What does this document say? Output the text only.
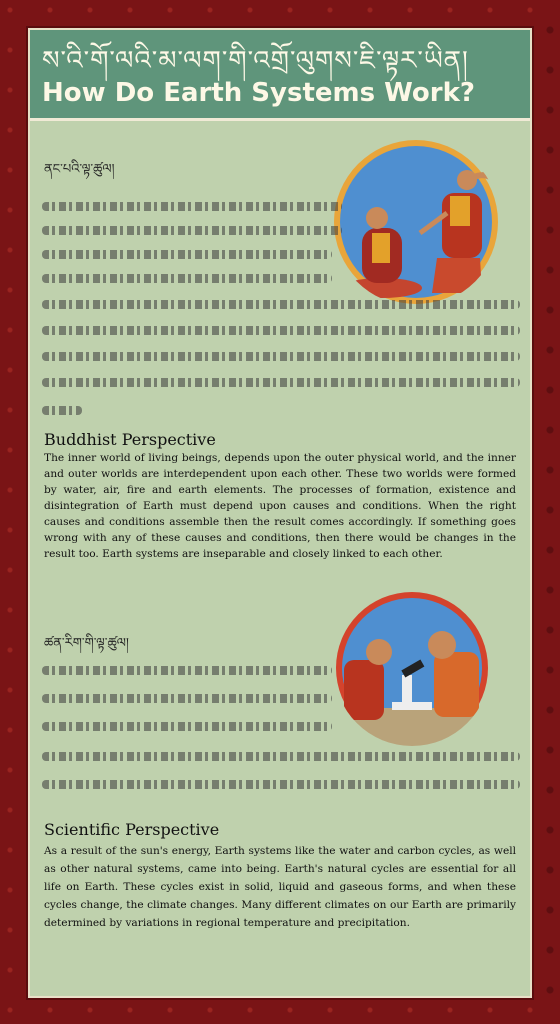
ས་འི་གོ་ལའི་མ་ལག་གི་འགྲོ་ལུགས་ཇི་ལྟར་ཡིན།
How Do Earth Systems Work?
ནང་པའི་ལྟ་ཚུལ།
Buddhist Perspective

The inner world of living beings, depends upon the outer physical world, and the inner and outer worlds are interdependent upon each other. These two worlds were formed by water, air, fire and earth elements. The processes of formation, existence and disintegration of Earth must depend upon causes and conditions. When the right causes and conditions assemble then the result comes accordingly. If something goes wrong with any of these causes and conditions, then there would be changes in the result too. Earth systems are inseparable and closely linked to each other.

ཚན་རིག་གི་ལྟ་ཚུལ།
Scientific Perspective

As a result of the sun's energy, Earth systems like the water and carbon cycles, as well as other natural systems, came into being. Earth's natural cycles are essential for all life on Earth. These cycles exist in solid, liquid and gaseous forms, and when these cycles change, the climate changes. Many different climates on our Earth are primarily determined by variations in regional temperature and precipitation.
